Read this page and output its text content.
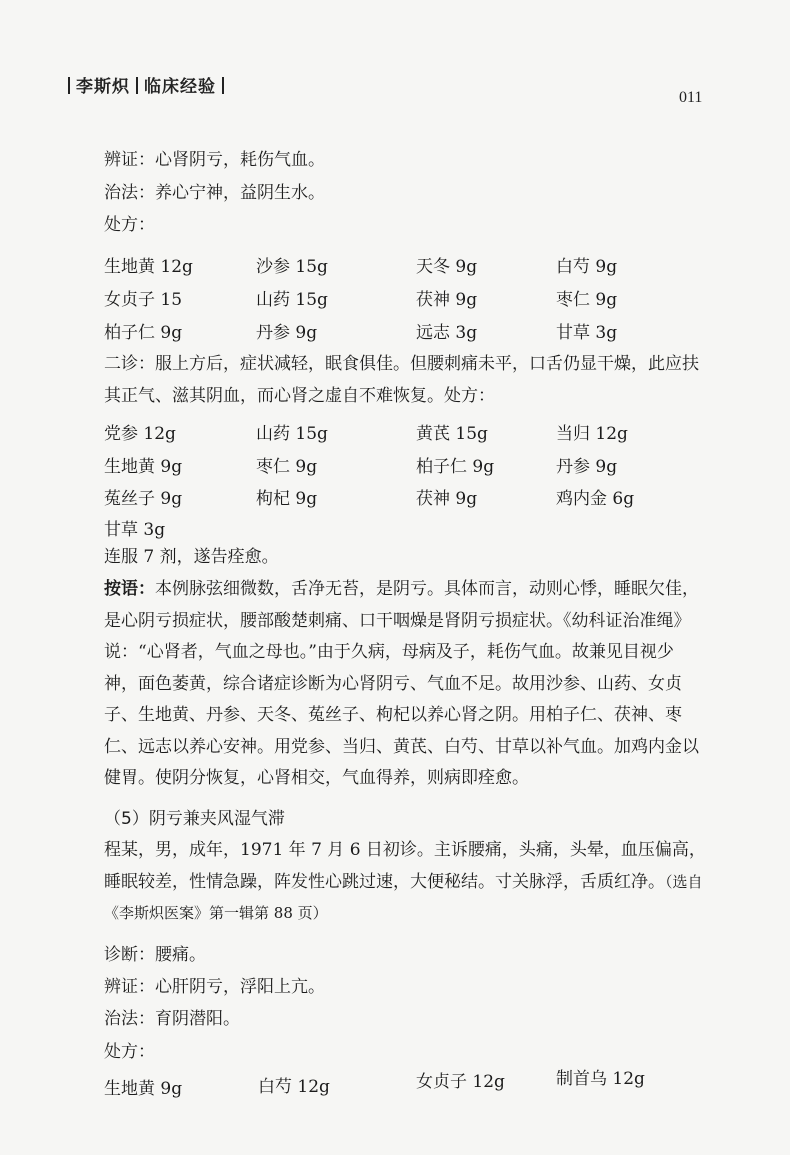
李斯炽 临床经验
011
辨证：心肾阴亏，耗伤气血。
治法：养心宁神，益阴生水。
处方：
生地黄 12g	沙参 15g	天冬 9g	白芍 9g
女贞子 15	山药 15g	茯神 9g	枣仁 9g
柏子仁 9g	丹参 9g	远志 3g	甘草 3g
二诊：服上方后，症状减轻，眠食俱佳。但腰刺痛未平，口舌仍显干燥，此应扶其正气、滋其阴血，而心肾之虚自不难恢复。处方：
党参 12g	山药 15g	黄芪 15g	当归 12g
生地黄 9g	枣仁 9g	柏子仁 9g	丹参 9g
菟丝子 9g	枸杞 9g	茯神 9g	鸡内金 6g
甘草 3g
连服 7 剂，遂告痊愈。
按语：本例脉弦细微数，舌净无苔，是阴亏。具体而言，动则心悸，睡眠欠佳，是心阴亏损症状，腰部酸楚刺痛、口干咽燥是肾阴亏损症状。《幼科证治准绳》说：“心肾者，气血之母也。”由于久病，母病及子，耗伤气血。故兼见目视少神，面色萎黄，综合诸症诊断为心肾阴亏、气血不足。故用沙参、山药、女贞子、生地黄、丹参、天冬、菟丝子、枸杞以养心肾之阴。用柏子仁、茯神、枣仁、远志以养心安神。用党参、当归、黄芪、白芍、甘草以补气血。加鸡内金以健胃。使阴分恢复，心肾相交，气血得养，则病即痊愈。
（5）阴亏兼夹风湿气滞
程某，男，成年，1971 年 7 月 6 日初诊。主诉腰痛，头痛，头晕，血压偏高，睡眠较差，性情急躁，阵发性心跳过速，大便秘结。寸关脉浮，舌质红净。（选自《李斯炽医案》第一辑第 88 页）
诊断：腰痛。
辨证：心肝阴亏，浮阳上亢。
治法：育阴潜阳。
处方：
生地黄 9g	白芍 12g	女贞子 12g	制首乌 12g
